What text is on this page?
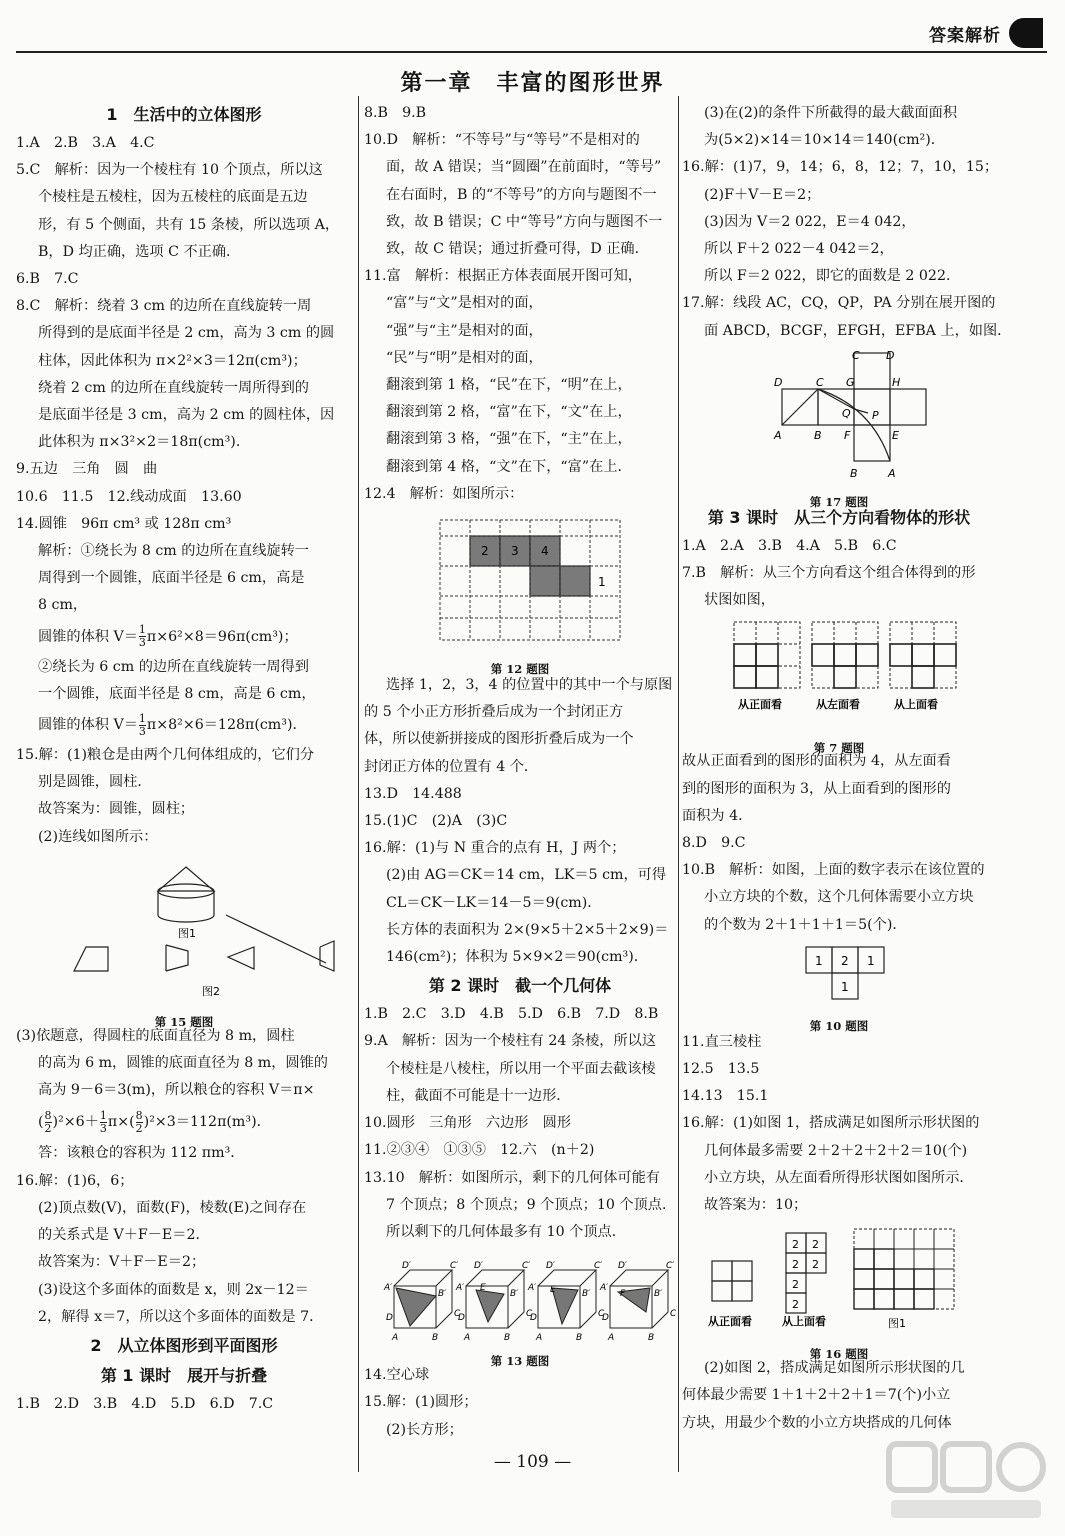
答案解析
第一章　丰富的图形世界
1　生活中的立体图形
1.A　2.B　3.A　4.C
5.C　解析：因为一个棱柱有 10 个顶点，所以这
个棱柱是五棱柱，因为五棱柱的底面是五边
形，有 5 个侧面，共有 15 条棱，所以选项 A，
B，D 均正确，选项 C 不正确．
6.B　7.C
8.C　解析：绕着 3 cm 的边所在直线旋转一周
所得到的是底面半径是 2 cm，高为 3 cm 的圆
柱体，因此体积为 π×2²×3＝12π(cm³)；
绕着 2 cm 的边所在直线旋转一周所得到的
是底面半径是 3 cm，高为 2 cm 的圆柱体，因
此体积为 π×3²×2＝18π(cm³)．
9.五边　三角　圆　曲
10.6　11.5　12.线动成面　13.60
14.圆锥　96π cm³ 或 128π cm³
解析：①绕长为 8 cm 的边所在直线旋转一
周得到一个圆锥，底面半径是 6 cm，高是
8 cm，
圆锥的体积 $V= \frac{1}{3} \pi\times 6^2\times 8=96\pi(cm^3)$；
②绕长为 6 cm 的边所在直线旋转一周得到
一个圆锥，底面半径是 8 cm，高是 6 cm，
圆锥的体积 $V= \frac{1}{3} \pi\times 8^2\times 6=128\pi(cm^3)$．
15.解：(1)粮仓是由两个几何体组成的，它们分
别是圆锥，圆柱．
故答案为：圆锥，圆柱；
(2)连线如图所示：
图1
图2
第 15 题图
(3)依题意，得圆柱的底面直径为 8 m，圆柱
的高为 6 m，圆锥的底面直径为 8 m，圆锥的
高为 9－6＝3(m)，所以粮仓的容积 V＝π×
( $\frac{8}{2} )^2\times 6+ \frac{1}{3} \pi\times( \frac{8}{2} )^2\times 3=112\pi(m^3)$．
答：该粮仓的容积为 112 πm³．
16.解：(1)6，6；
(2)顶点数(V)，面数(F)，棱数(E)之间存在
的关系式是 V＋F－E＝2．
故答案为：V＋F－E＝2；
(3)设这个多面体的面数是 x，则 2x－12＝
2，解得 x＝7，所以这个多面体的面数是 7．
2　从立体图形到平面图形
第 1 课时　展开与折叠
1.B　2.D　3.B　4.D　5.D　6.D　7.C
8.B　9.B
10.D　解析：“不等号”与“等号”不是相对的
面，故 A 错误；当“圆圈”在前面时，“等号”
在右面时，B 的“不等号”的方向与题图不一
致，故 B 错误；C 中“等号”方向与题图不一
致，故 C 错误；通过折叠可得，D 正确．
11.富　解析：根据正方体表面展开图可知，
“富”与“文”是相对的面，
“强”与“主”是相对的面，
“民”与“明”是相对的面，
翻滚到第 1 格，“民”在下，“明”在上，
翻滚到第 2 格，“富”在下，“文”在上，
翻滚到第 3 格，“强”在下，“主”在上，
翻滚到第 4 格，“文”在下，“富”在上．
12.4　解析：如图所示：
2 3 4
1
第 12 题图
选择 1，2，3，4 的位置中的其中一个与原图
的 5 个小正方形折叠后成为一个封闭正方
体，所以使新拼接成的图形折叠后成为一个
封闭正方体的位置有 4 个．
13.D　14.488
15.(1)C　(2)A　(3)C
16.解：(1)与 N 重合的点有 H，J 两个；
(2)由 AG＝CK＝14 cm，LK＝5 cm，可得
CL＝CK－LK＝14－5＝9(cm)．
长方体的表面积为 2×(9×5＋2×5＋2×9)＝
146(cm²)；体积为 5×9×2＝90(cm³)．
第 2 课时　截一个几何体
1.B　2.C　3.D　4.B　5.D　6.B　7.D　8.B
9.A　解析：因为一个棱柱有 24 条棱，所以这
个棱柱是八棱柱，所以用一个平面去截该棱
柱，截面不可能是十一边形．
10.圆形　三角形　六边形　圆形
11.②③④　①③⑤　12.六　(n＋2)
13.10　解析：如图所示，剩下的几何体可能有
7 个顶点；8 个顶点；9 个顶点；10 个顶点．
所以剩下的几何体最多有 10 个顶点．
D′	C′
A′
B′
D	C
A	B
D′	C′
A′
B′
D	C
A	B
E
D′	C′
A′
B′
D	C
A	B
E
D′	C′
A′
B′
D	C
A	B
F
第 13 题图
14.空心球
15.解：(1)圆形；
(2)长方形；
(3)在(2)的条件下所截得的最大截面面积
为(5×2)×14＝10×14＝140(cm²)．
16.解：(1)7，9，14；6，8，12；7，10，15；
(2)F＋V－E＝2；
(3)因为 V＝2 022，E＝4 042，
所以 F＋2 022－4 042＝2，
所以 F＝2 022，即它的面数是 2 022．
17.解：线段 AC，CQ，QP，PA 分别在展开图的
面 ABCD，BCGF，EFGH，EFBA 上，如图．
C D
D	C G	H
Q P
A	B F	E
B	A
第 17 题图
第 3 课时　从三个方向看物体的形状
1.A　2.A　3.B　4.A　5.B　6.C
7.B　解析：从三个方向看这个组合体得到的形
状图如图，
从正面看	从左面看	从上面看
第 7 题图
故从正面看到的图形的面积为 4，从左面看
到的图形的面积为 3，从上面看到的图形的
面积为 4．
8.D　9.C
10.B　解析：如图，上面的数字表示在该位置的
小立方块的个数，这个几何体需要小立方块
的个数为 2＋1＋1＋1＝5(个)．
1 2 1
1
第 10 题图
11.直三棱柱
12.5　13.5
14.13　15.1
16.解：(1)如图 1，搭成满足如图所示形状图的
几何体最多需要 2＋2＋2＋2＋2＝10(个)
小立方块，从左面看所得形状图如图所示．
故答案为：10；
从正面看
2 2
2 2
2
2
从上面看	图1
第 16 题图
(2)如图 2，搭成满足如图所示形状图的几
何体最少需要 1＋1＋2＋2＋1＝7(个)小立
方块，用最少个数的小立方块搭成的几何体
— 109 —
